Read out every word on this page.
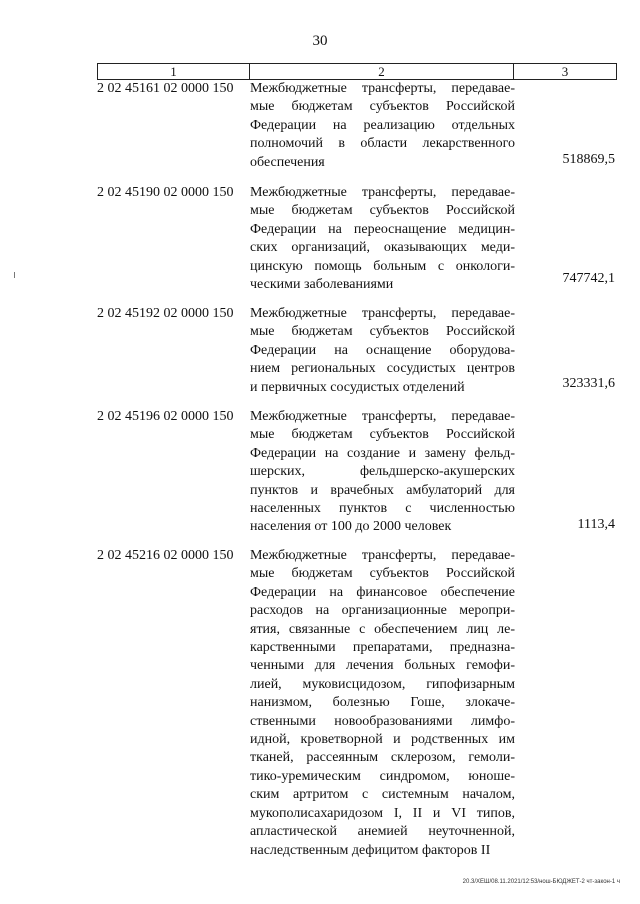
30
1	2	3
2 02 45161 02 0000 150 Межбюджетные трансферты, передавае-
мые бюджетам субъектов Российской
Федерации на реализацию отдельных
полномочий в области лекарственного
обеспечения	518869,5
2 02 45190 02 0000 150 Межбюджетные трансферты, передавае-
мые бюджетам субъектов Российской
Федерации на переоснащение медицин-
ских организаций, оказывающих меди-
цинскую помощь больным с онкологи-
ческими заболеваниями	747742,1
2 02 45192 02 0000 150 Межбюджетные трансферты, передавае-
мые бюджетам субъектов Российской
Федерации на оснащение оборудова-
нием региональных сосудистых центров
и первичных сосудистых отделений	323331,6
2 02 45196 02 0000 150 Межбюджетные трансферты, передавае-
мые бюджетам субъектов Российской
Федерации на создание и замену фельд-
шерских, фельдшерско-акушерских
пунктов и врачебных амбулаторий для
населенных пунктов с численностью
населения от 100 до 2000 человек	1113,4
2 02 45216 02 0000 150 Межбюджетные трансферты, передавае-
мые бюджетам субъектов Российской
Федерации на финансовое обеспечение
расходов на организационные меропри-
ятия, связанные с обеспечением лиц ле-
карственными препаратами, предназна-
ченными для лечения больных гемофи-
лией, муковисцидозом, гипофизарным
нанизмом, болезнью Гоше, злокаче-
ственными новообразованиями лимфо-
идной, кроветворной и родственных им
тканей, рассеянным склерозом, гемоли-
тико-уремическим синдромом, юноше-
ским артритом с системным началом,
мукополисахаридозом I, II и VI типов,
апластической анемией неуточненной,
наследственным дефицитом факторов II
20.3/ХЕШ/08.11.2021/12:53/нош-БЮДЖЕТ-2 чт-закон-1 ч
